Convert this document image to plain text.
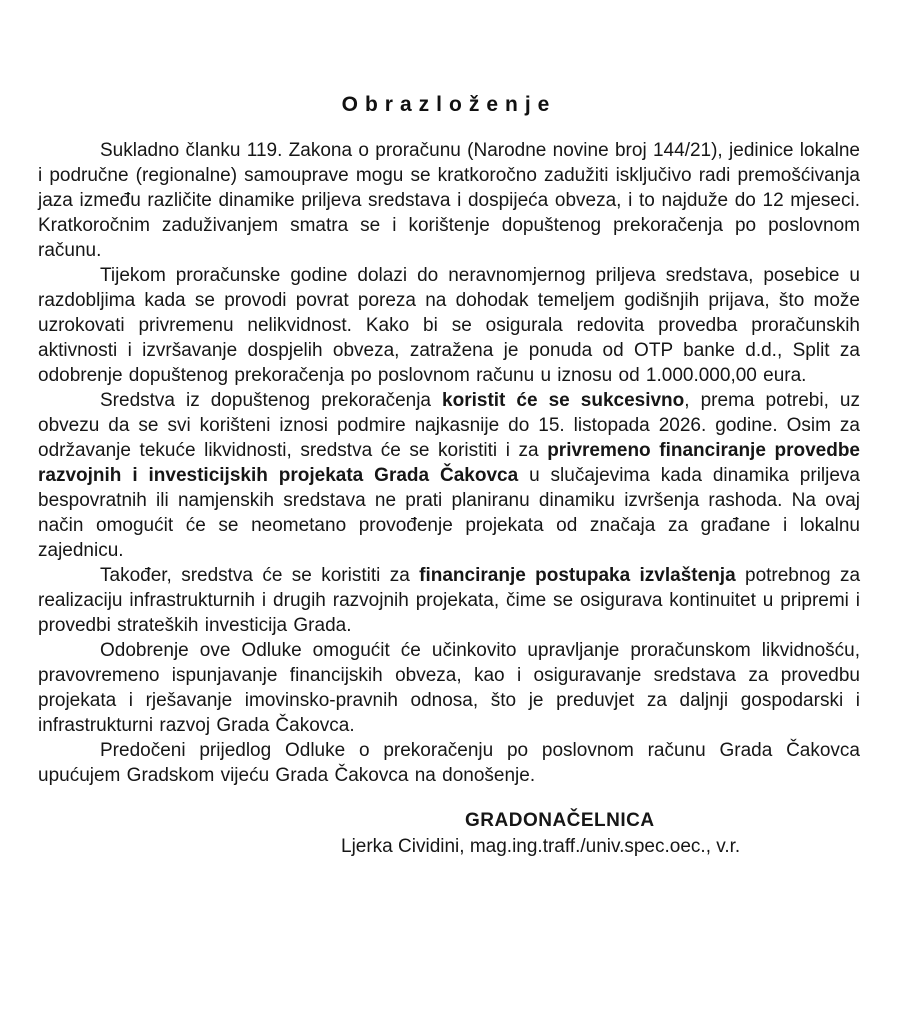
Obrazloženje

Sukladno članku 119. Zakona o proračunu (Narodne novine broj 144/21), jedinice lokalne i područne (regionalne) samouprave mogu se kratkoročno zadužiti isključivo radi premošćivanja jaza između različite dinamike priljeva sredstava i dospijeća obveza, i to najduže do 12 mjeseci. Kratkoročnim zaduživanjem smatra se i korištenje dopuštenog prekoračenja po poslovnom računu.

Tijekom proračunske godine dolazi do neravnomjernog priljeva sredstava, posebice u razdobljima kada se provodi povrat poreza na dohodak temeljem godišnjih prijava, što može uzrokovati privremenu nelikvidnost. Kako bi se osigurala redovita provedba proračunskih aktivnosti i izvršavanje dospjelih obveza, zatražena je ponuda od OTP banke d.d., Split za odobrenje dopuštenog prekoračenja po poslovnom računu u iznosu od 1.000.000,00 eura.

Sredstva iz dopuštenog prekoračenja koristit će se sukcesivno, prema potrebi, uz obvezu da se svi korišteni iznosi podmire najkasnije do 15. listopada 2026. godine. Osim za održavanje tekuće likvidnosti, sredstva će se koristiti i za privremeno financiranje provedbe razvojnih i investicijskih projekata Grada Čakovca u slučajevima kada dinamika priljeva bespovratnih ili namjenskih sredstava ne prati planiranu dinamiku izvršenja rashoda. Na ovaj način omogućit će se neometano provođenje projekata od značaja za građane i lokalnu zajednicu.

Također, sredstva će se koristiti za financiranje postupaka izvlaštenja potrebnog za realizaciju infrastrukturnih i drugih razvojnih projekata, čime se osigurava kontinuitet u pripremi i provedbi strateških investicija Grada.

Odobrenje ove Odluke omogućit će učinkovito upravljanje proračunskom likvidnošću, pravovremeno ispunjavanje financijskih obveza, kao i osiguravanje sredstava za provedbu projekata i rješavanje imovinsko-pravnih odnosa, što je preduvjet za daljnji gospodarski i infrastrukturni razvoj Grada Čakovca.

Predočeni prijedlog Odluke o prekoračenju po poslovnom računu Grada Čakovca upućujem Gradskom vijeću Grada Čakovca na donošenje.

GRADONAČELNICA
Ljerka Cividini, mag.ing.traff./univ.spec.oec., v.r.
